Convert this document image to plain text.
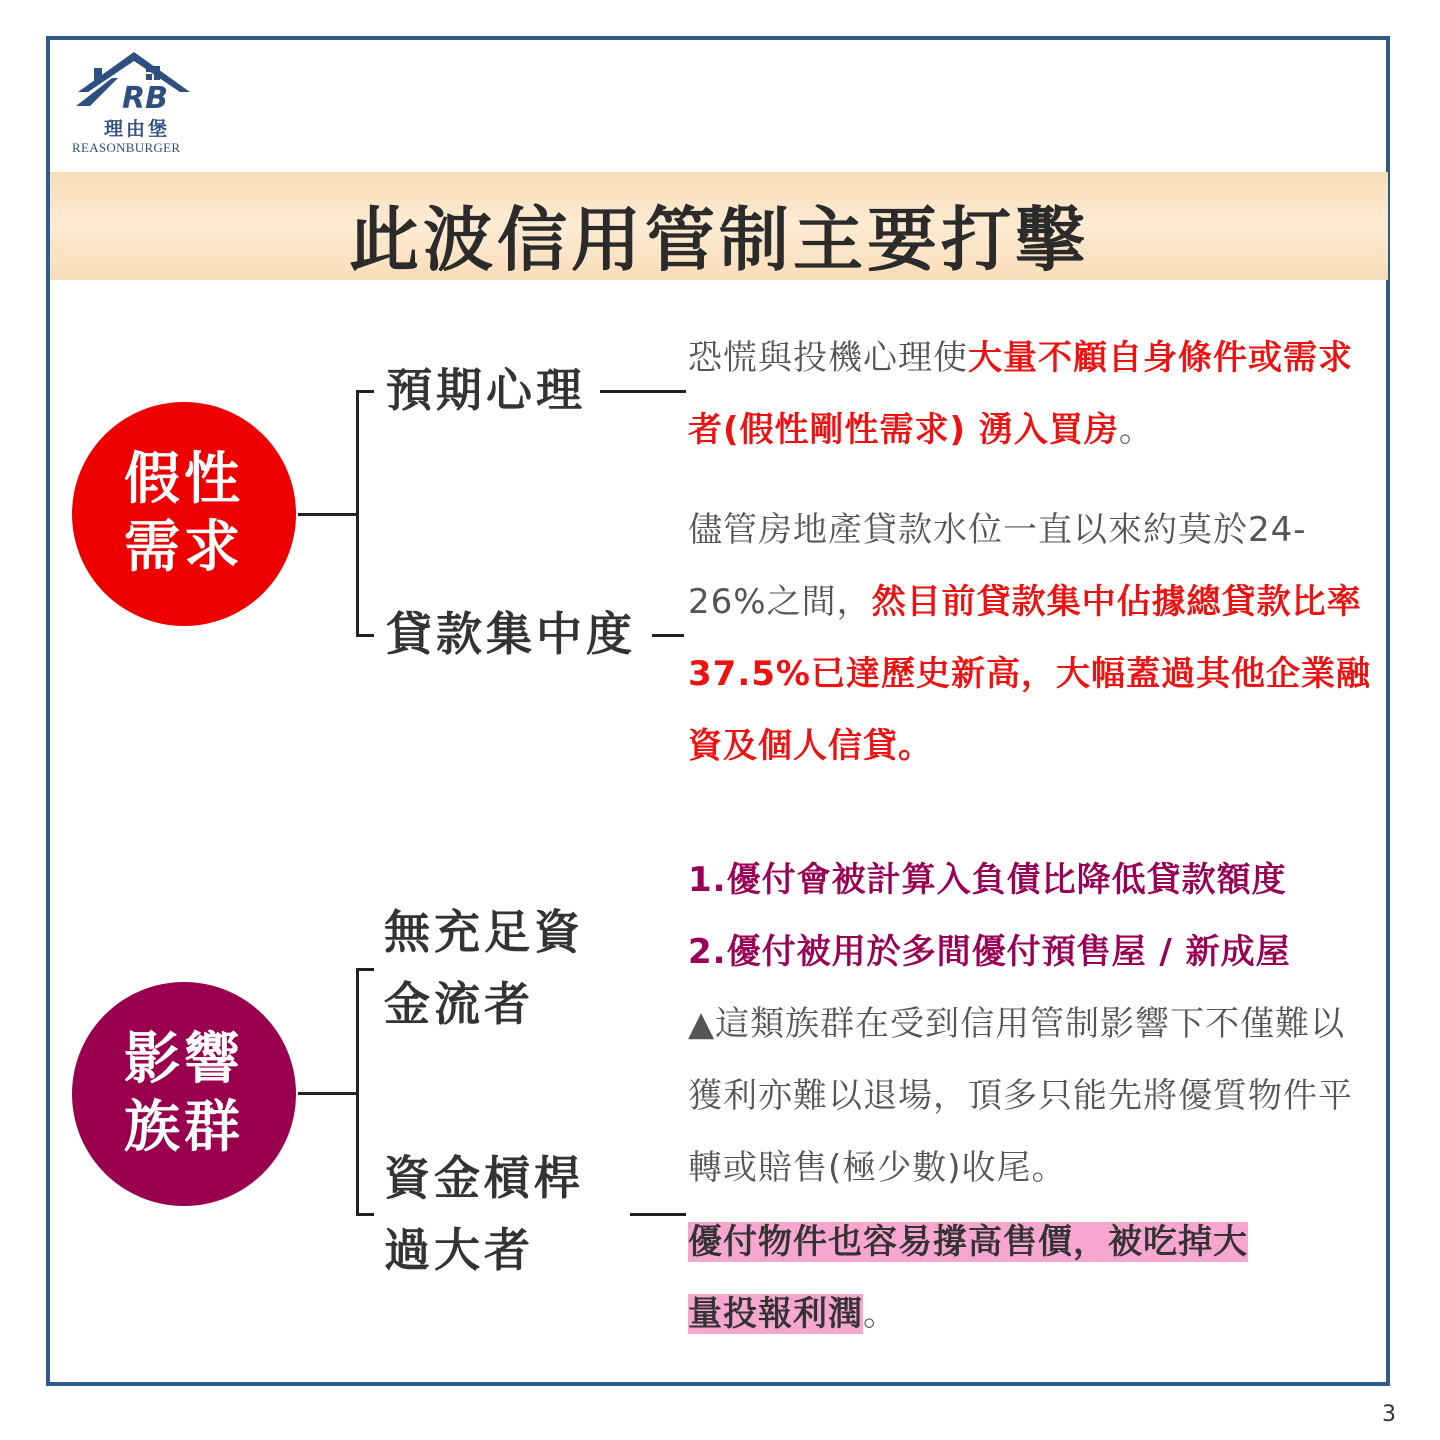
RB
理由堡
REASONBURGER
此波信用管制主要打擊
假性需求
預期心理
貸款集中度
恐慌與投機心理使大量不顧自身條件或需求者(假性剛性需求) 湧入買房。
儘管房地產貸款水位一直以來約莫於24-26%之間，然目前貸款集中佔據總貸款比率37.5%已達歷史新高，大幅蓋過其他企業融資及個人信貸。
影響族群
無充足資金流者
資金槓桿過大者
1.優付會被計算入負債比降低貸款額度
2.優付被用於多間優付預售屋 / 新成屋
▲這類族群在受到信用管制影響下不僅難以獲利亦難以退場，頂多只能先將優質物件平轉或賠售(極少數)收尾。
優付物件也容易撐高售價，被吃掉大
量投報利潤。
3
